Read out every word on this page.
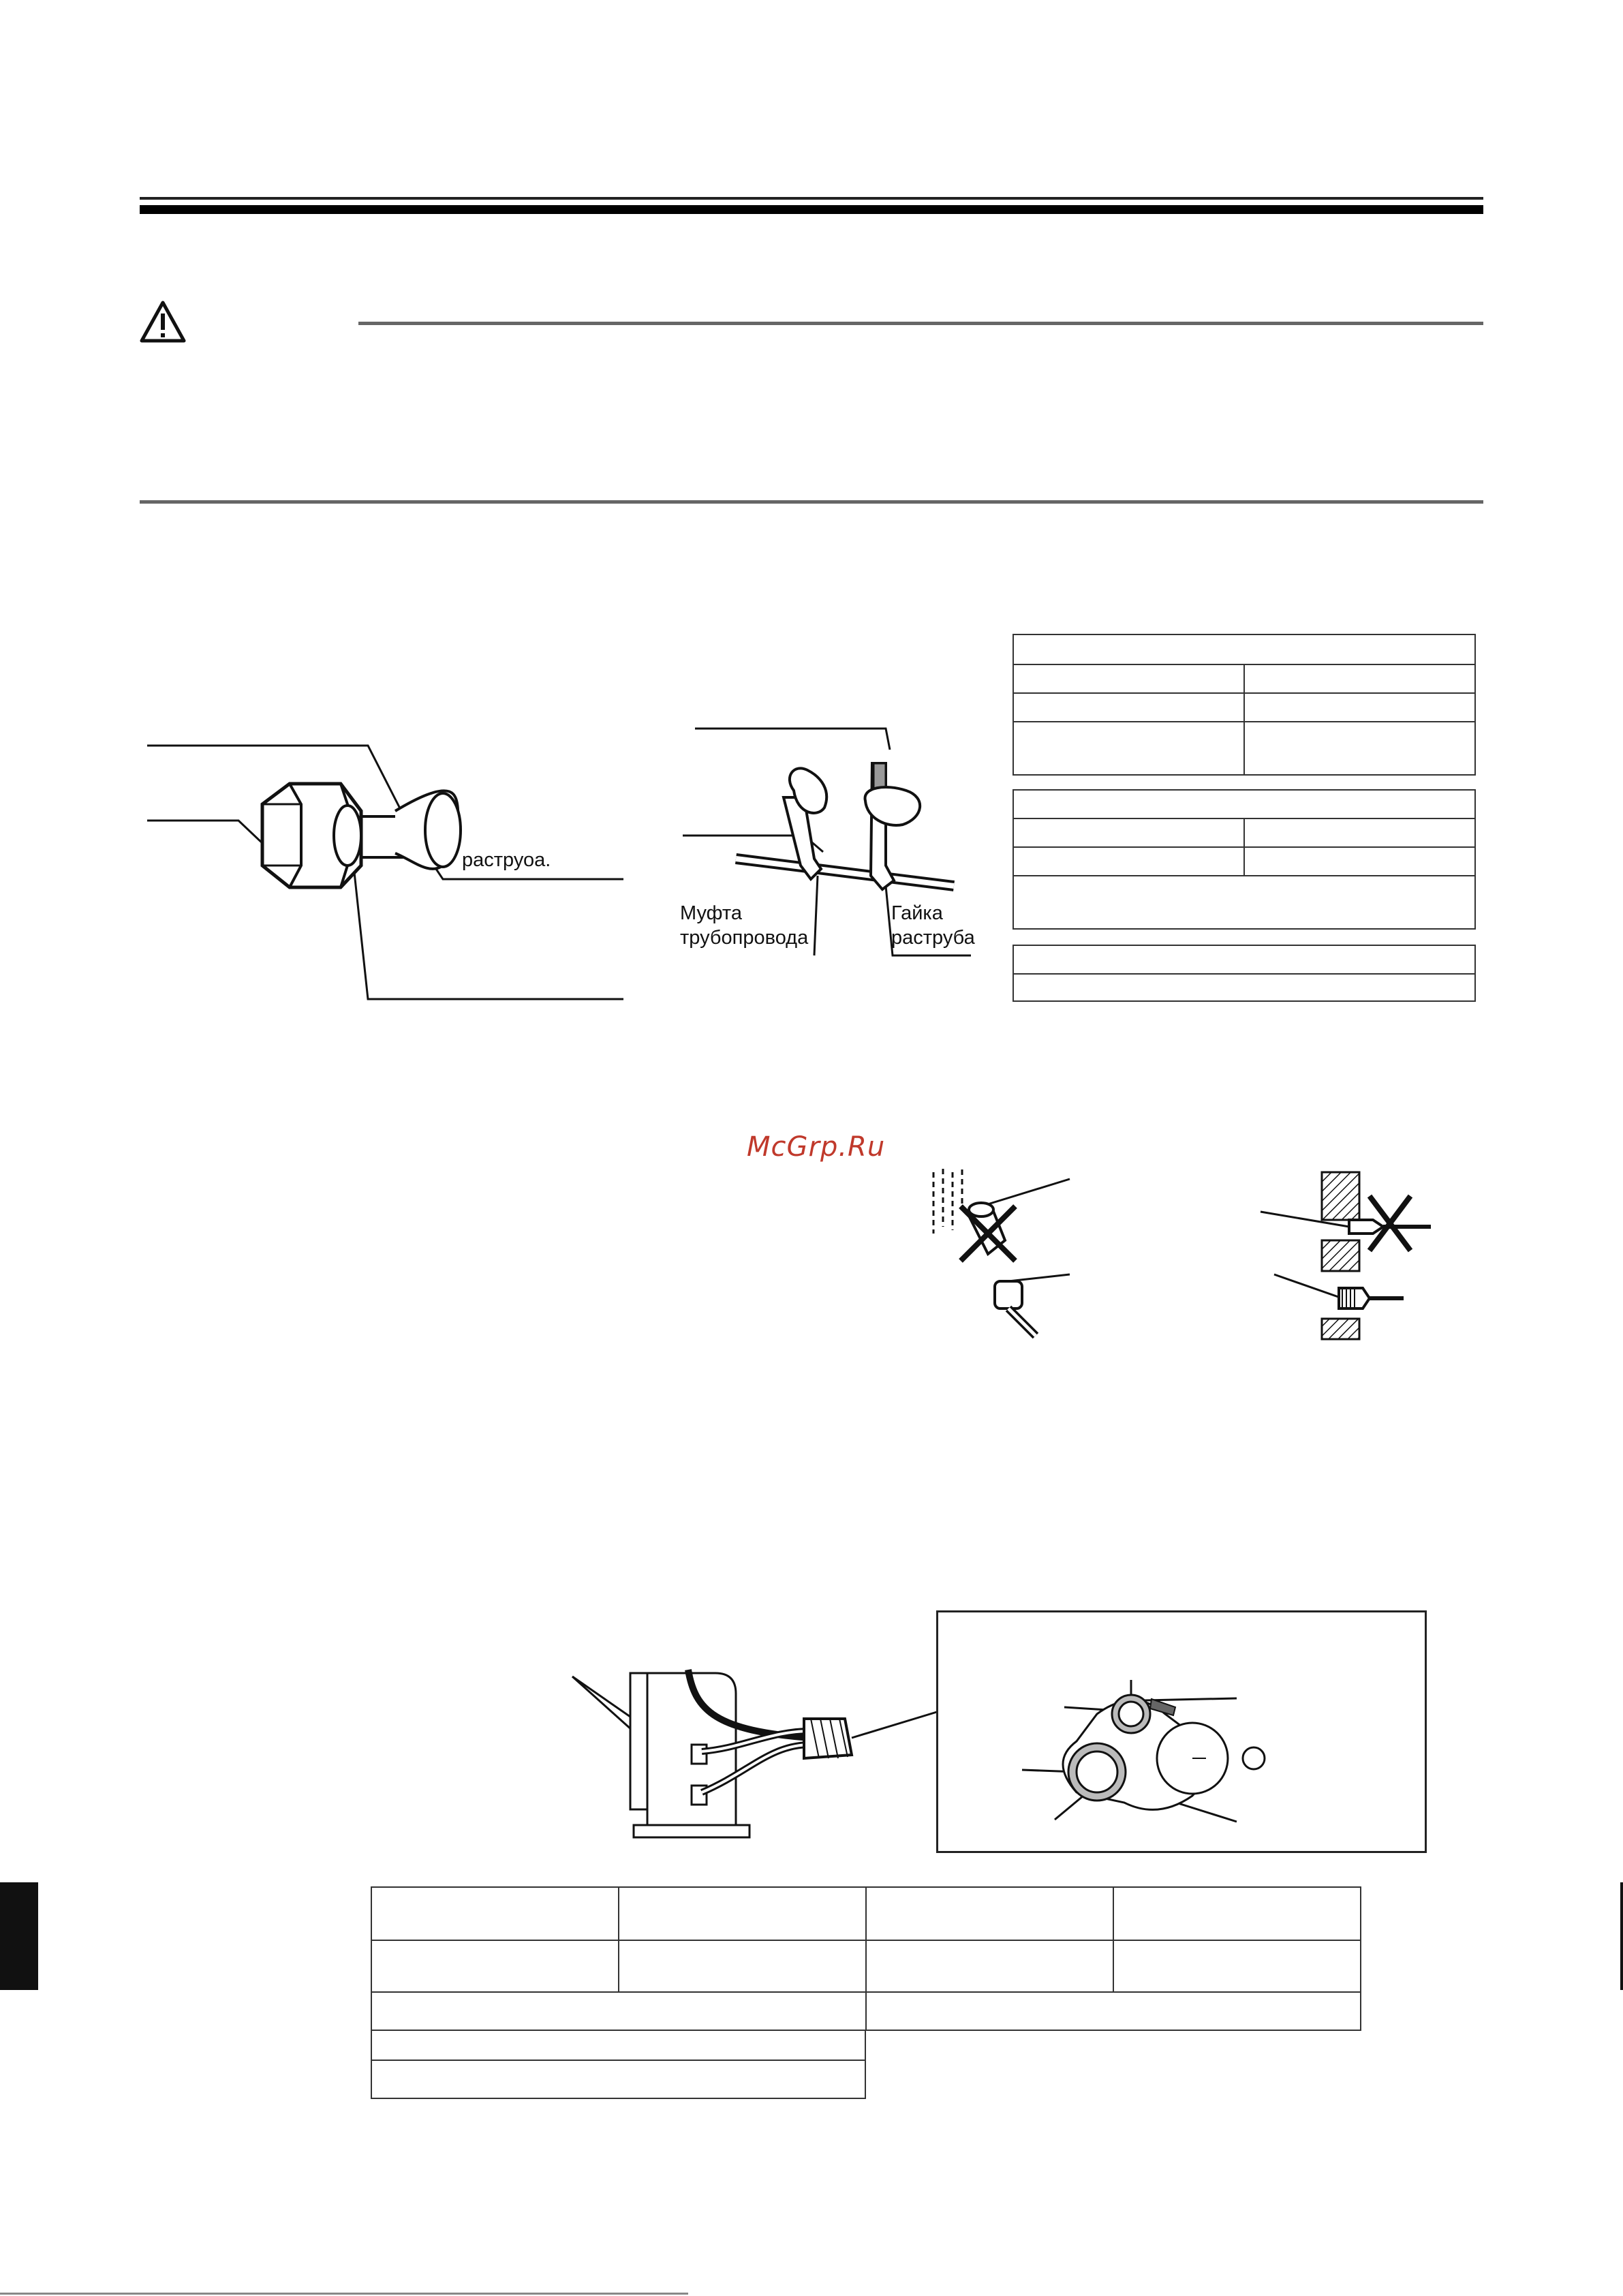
раструоа.
Муфта
трубопровода
Гайка
раструба

McGrp.Ru
